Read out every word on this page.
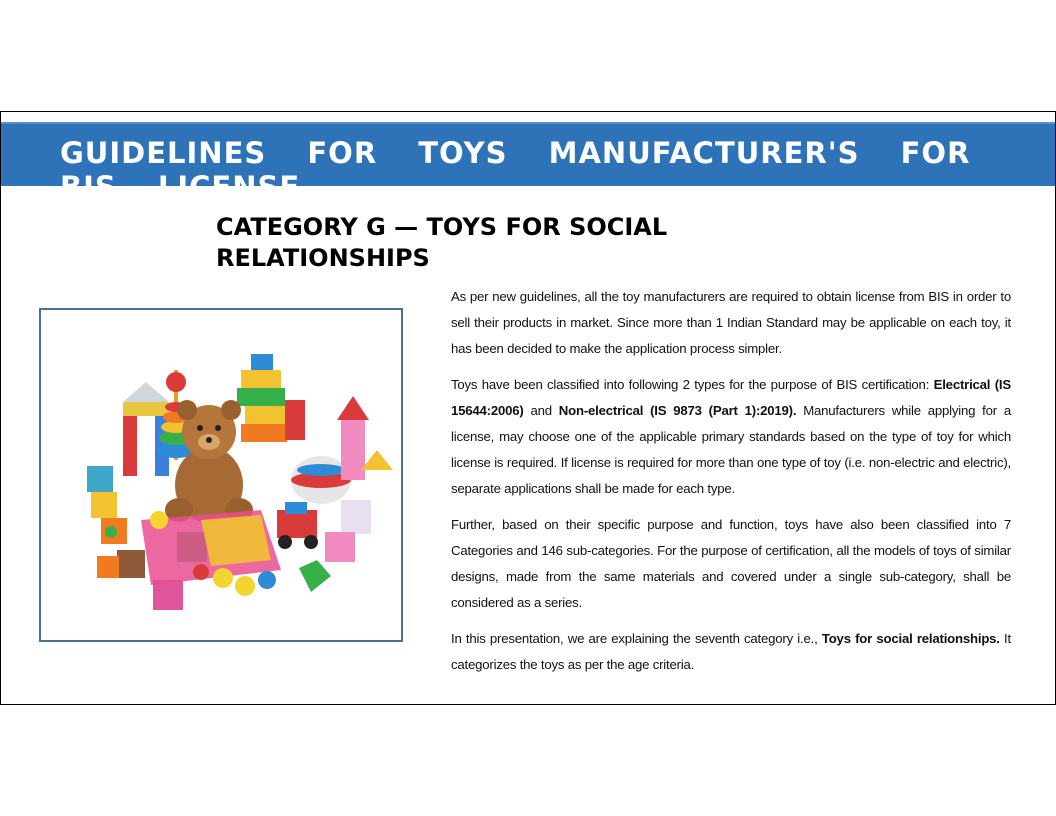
GUIDELINES FOR TOYS MANUFACTURER'S FOR BIS LICENSE
CATEGORY G — TOYS FOR SOCIAL RELATIONSHIPS

As per new guidelines, all the toy manufacturers are required to obtain license from BIS in order to sell their products in market. Since more than 1 Indian Standard may be applicable on each toy, it has been decided to make the application process simpler.

Toys have been classified into following 2 types for the purpose of BIS certification: Electrical (IS 15644:2006) and Non-electrical (IS 9873 (Part 1):2019). Manufacturers while applying for a license, may choose one of the applicable primary standards based on the type of toy for which license is required. If license is required for more than one type of toy (i.e. non-electric and electric), separate applications shall be made for each type.

Further, based on their specific purpose and function, toys have also been classified into 7 Categories and 146 sub-categories. For the purpose of certification, all the models of toys of similar designs, made from the same materials and covered under a single sub-category, shall be considered as a series.

In this presentation, we are explaining the seventh category i.e., Toys for social relationships. It categorizes the toys as per the age criteria.
